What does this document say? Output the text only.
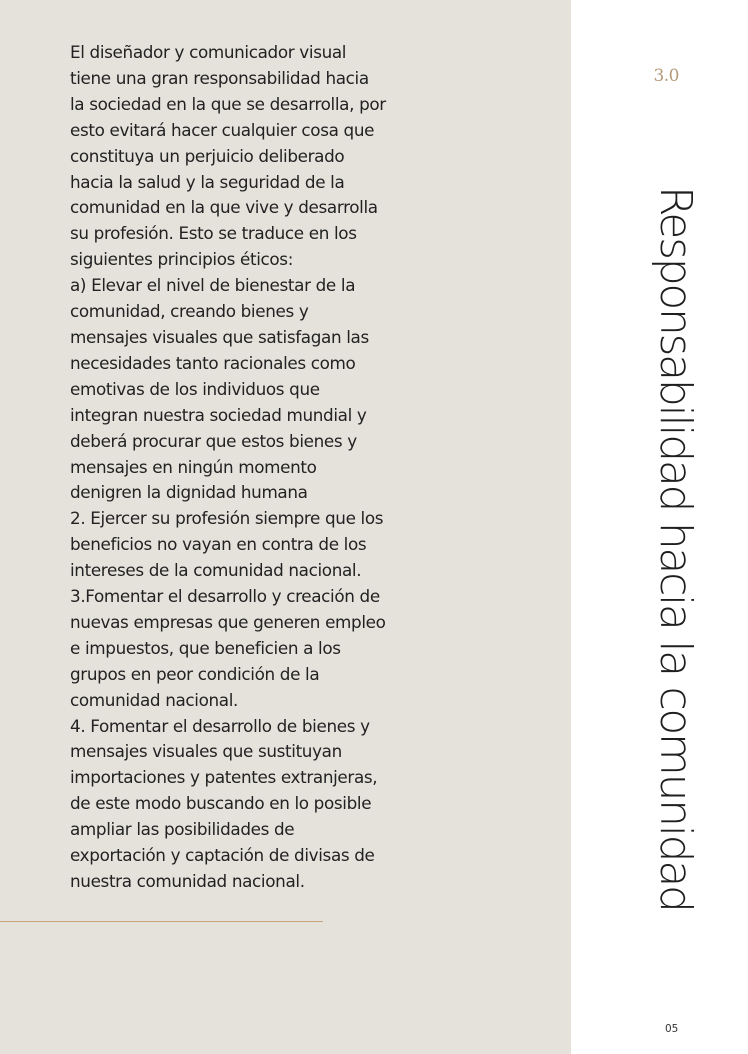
El diseñador y comunicador visual
tiene una gran responsabilidad hacia
la sociedad en la que se desarrolla, por
esto evitará hacer cualquier cosa que
constituya un perjuicio deliberado
hacia la salud y la seguridad de la
comunidad en la que vive y desarrolla
su profesión. Esto se traduce en los
siguientes principios éticos:
a) Elevar el nivel de bienestar de la
comunidad, creando bienes y
mensajes visuales que satisfagan las
necesidades tanto racionales como
emotivas de los individuos que
integran nuestra sociedad mundial y
deberá procurar que estos bienes y
mensajes en ningún momento
denigren la dignidad humana
2. Ejercer su profesión siempre que los
beneficios no vayan en contra de los
intereses de la comunidad nacional.
3.Fomentar el desarrollo y creación de
nuevas empresas que generen empleo
e impuestos, que beneficien a los
grupos en peor condición de la
comunidad nacional.
4. Fomentar el desarrollo de bienes y
mensajes visuales que sustituyan
importaciones y patentes extranjeras,
de este modo buscando en lo posible
ampliar las posibilidades de
exportación y captación de divisas de
nuestra comunidad nacional.

3.0
Responsabilidad hacia la comunidad
05
